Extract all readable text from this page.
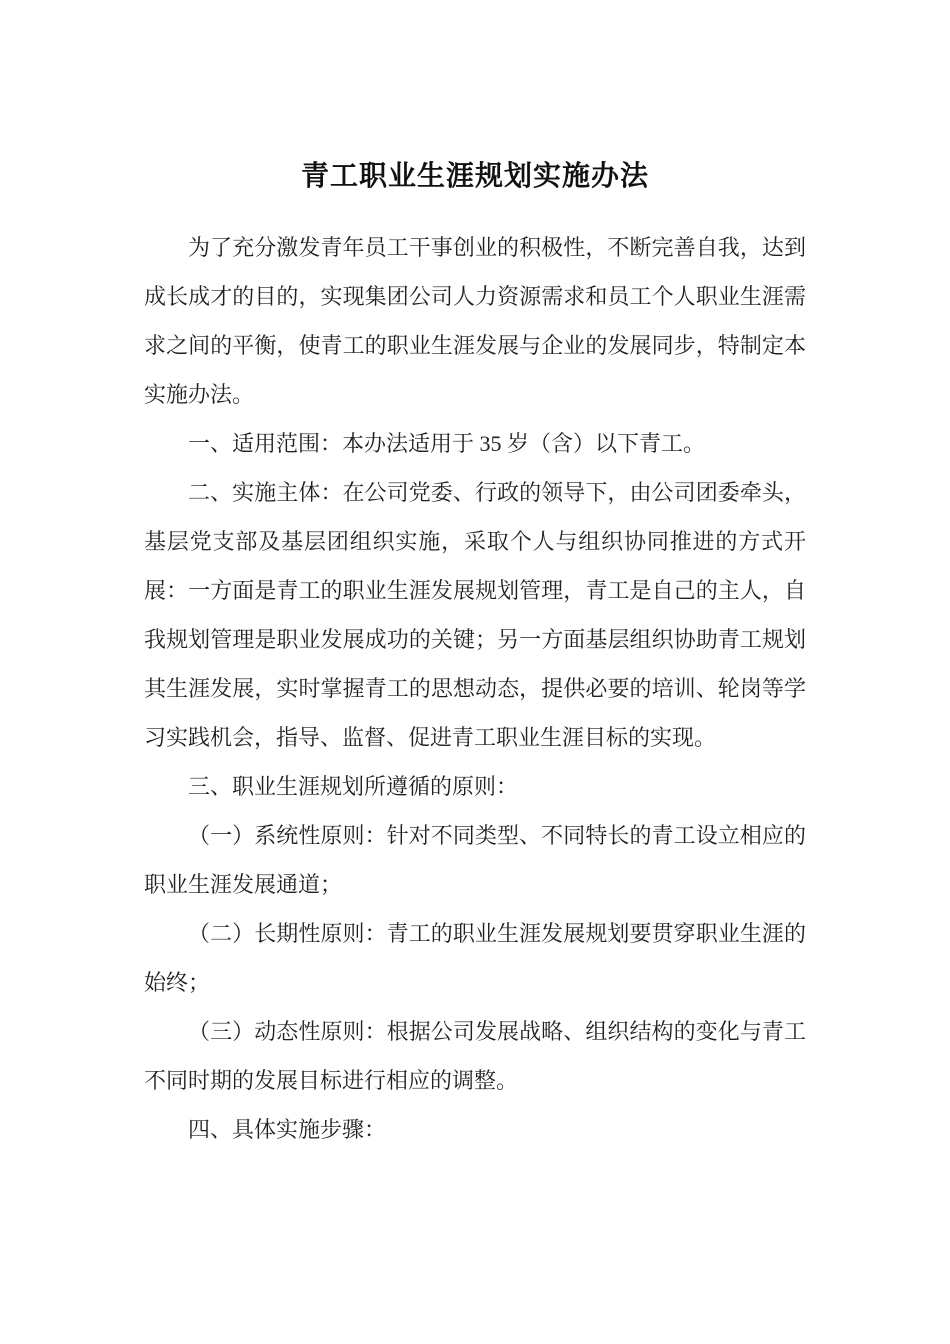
青工职业生涯规划实施办法

为了充分激发青年员工干事创业的积极性，不断完善自我，达到成长成才的目的，实现集团公司人力资源需求和员工个人职业生涯需求之间的平衡，使青工的职业生涯发展与企业的发展同步，特制定本实施办法。

一、适用范围：本办法适用于 35 岁（含）以下青工。

二、实施主体：在公司党委、行政的领导下，由公司团委牵头，基层党支部及基层团组织实施，采取个人与组织协同推进的方式开展：一方面是青工的职业生涯发展规划管理，青工是自己的主人，自我规划管理是职业发展成功的关键；另一方面基层组织协助青工规划其生涯发展，实时掌握青工的思想动态，提供必要的培训、轮岗等学习实践机会，指导、监督、促进青工职业生涯目标的实现。

三、职业生涯规划所遵循的原则：

（一）系统性原则：针对不同类型、不同特长的青工设立相应的职业生涯发展通道；

（二）长期性原则：青工的职业生涯发展规划要贯穿职业生涯的始终；

（三）动态性原则：根据公司发展战略、组织结构的变化与青工不同时期的发展目标进行相应的调整。

四、具体实施步骤：
